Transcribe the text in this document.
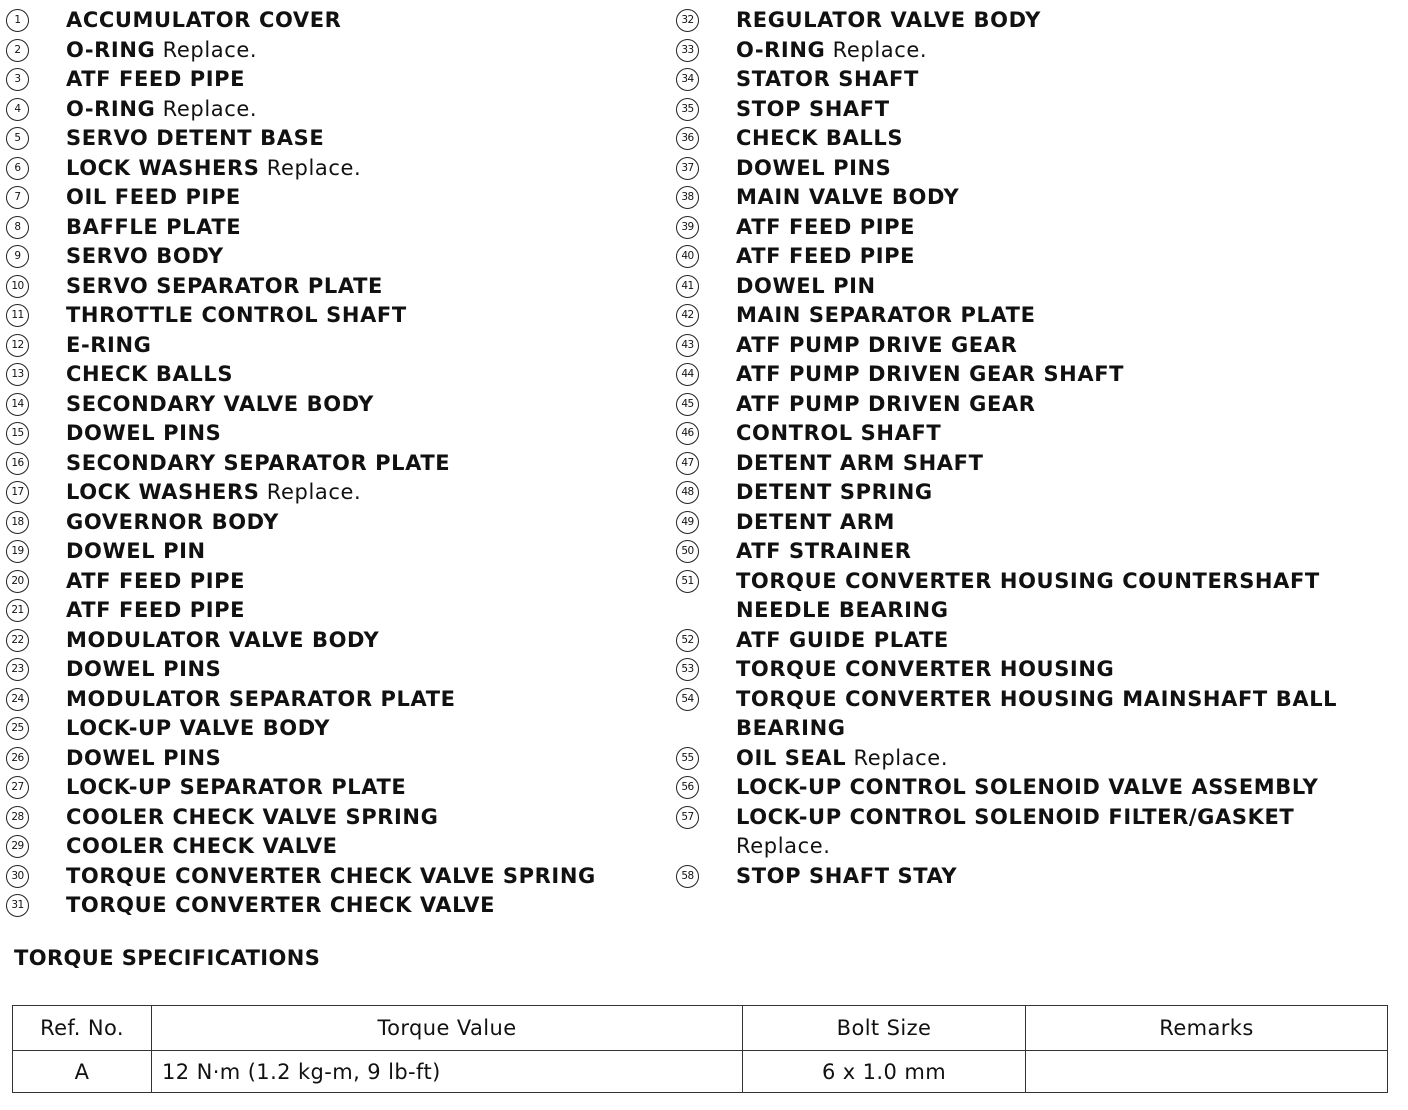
1	ACCUMULATOR COVER
2	O-RING Replace.
3	ATF FEED PIPE
4	O-RING Replace.
5	SERVO DETENT BASE
6	LOCK WASHERS Replace.
7	OIL FEED PIPE
8	BAFFLE PLATE
9	SERVO BODY
10 SERVO SEPARATOR PLATE
11 THROTTLE CONTROL SHAFT
12 E-RING
13 CHECK BALLS
14 SECONDARY VALVE BODY
15 DOWEL PINS
16 SECONDARY SEPARATOR PLATE
17 LOCK WASHERS Replace.
18 GOVERNOR BODY
19 DOWEL PIN
20 ATF FEED PIPE
21 ATF FEED PIPE
22 MODULATOR VALVE BODY
23 DOWEL PINS
24 MODULATOR SEPARATOR PLATE
25 LOCK-UP VALVE BODY
26 DOWEL PINS
27 LOCK-UP SEPARATOR PLATE
28 COOLER CHECK VALVE SPRING
29 COOLER CHECK VALVE
30 TORQUE CONVERTER CHECK VALVE SPRING
31 TORQUE CONVERTER CHECK VALVE
32 REGULATOR VALVE BODY
33 O-RING Replace.
34 STATOR SHAFT
35 STOP SHAFT
36 CHECK BALLS
37 DOWEL PINS
38 MAIN VALVE BODY
39 ATF FEED PIPE
40 ATF FEED PIPE
41 DOWEL PIN
42 MAIN SEPARATOR PLATE
43 ATF PUMP DRIVE GEAR
44 ATF PUMP DRIVEN GEAR SHAFT
45 ATF PUMP DRIVEN GEAR
46 CONTROL SHAFT
47 DETENT ARM SHAFT
48 DETENT SPRING
49 DETENT ARM
50 ATF STRAINER
51 TORQUE CONVERTER HOUSING COUNTERSHAFT NEEDLE BEARING
52 ATF GUIDE PLATE
53 TORQUE CONVERTER HOUSING
54 TORQUE CONVERTER HOUSING MAINSHAFT BALL BEARING
55 OIL SEAL Replace.
56 LOCK-UP CONTROL SOLENOID VALVE ASSEMBLY
57 LOCK-UP CONTROL SOLENOID FILTER/GASKET Replace.
58 STOP SHAFT STAY
TORQUE SPECIFICATIONS
Ref. No.	Torque Value	Bolt Size	Remarks
A	12 N·m (1.2 kg-m, 9 lb-ft)	6 x 1.0 mm	
